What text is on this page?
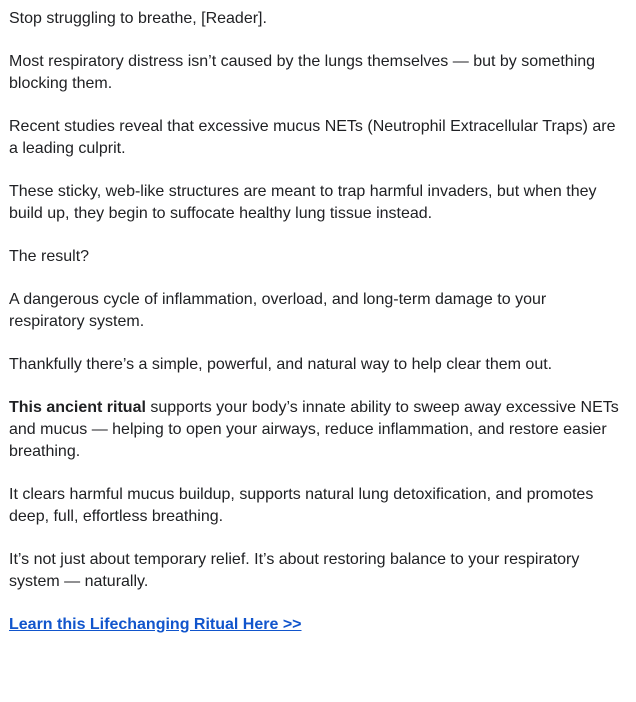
Stop struggling to breathe, [Reader].

Most respiratory distress isn’t caused by the lungs themselves — but by something blocking them.

Recent studies reveal that excessive mucus NETs (Neutrophil Extracellular Traps) are a leading culprit.

These sticky, web-like structures are meant to trap harmful invaders, but when they build up, they begin to suffocate healthy lung tissue instead.

The result?

A dangerous cycle of inflammation, overload, and long-term damage to your respiratory system.

Thankfully there’s a simple, powerful, and natural way to help clear them out.

This ancient ritual supports your body’s innate ability to sweep away excessive NETs and mucus — helping to open your airways, reduce inflammation, and restore easier breathing.

It clears harmful mucus buildup, supports natural lung detoxification, and promotes deep, full, effortless breathing.

It’s not just about temporary relief. It’s about restoring balance to your respiratory system — naturally.

Learn this Lifechanging Ritual Here >>
